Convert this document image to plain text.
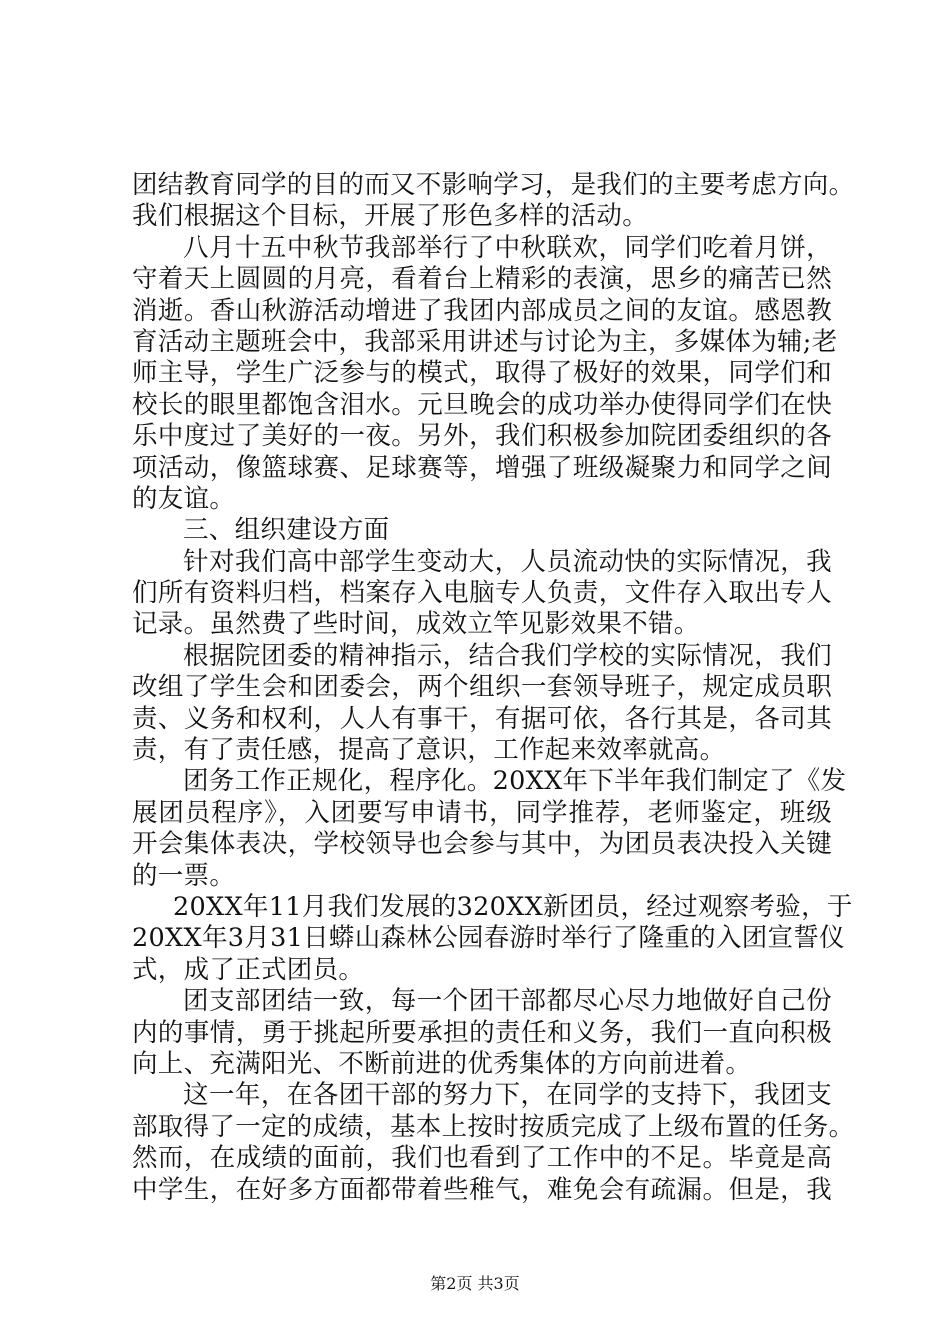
团结教育同学的目的而又不影响学习，是我们的主要考虑方向。
我们根据这个目标，开展了形色多样的活动。
八月十五中秋节我部举行了中秋联欢，同学们吃着月饼，
守着天上圆圆的月亮，看着台上精彩的表演，思乡的痛苦已然
消逝。香山秋游活动增进了我团内部成员之间的友谊。感恩教
育活动主题班会中，我部采用讲述与讨论为主，多媒体为辅;老
师主导，学生广泛参与的模式，取得了极好的效果，同学们和
校长的眼里都饱含泪水。元旦晚会的成功举办使得同学们在快
乐中度过了美好的一夜。另外，我们积极参加院团委组织的各
项活动，像篮球赛、足球赛等，增强了班级凝聚力和同学之间
的友谊。
三、组织建设方面
针对我们高中部学生变动大，人员流动快的实际情况，我
们所有资料归档，档案存入电脑专人负责，文件存入取出专人
记录。虽然费了些时间，成效立竿见影效果不错。
根据院团委的精神指示，结合我们学校的实际情况，我们
改组了学生会和团委会，两个组织一套领导班子，规定成员职
责、义务和权利，人人有事干，有据可依，各行其是，各司其
责，有了责任感，提高了意识，工作起来效率就高。
团务工作正规化，程序化。20XX年下半年我们制定了《发
展团员程序》，入团要写申请书，同学推荐，老师鉴定，班级
开会集体表决，学校领导也会参与其中，为团员表决投入关键
的一票。
20XX年11月我们发展的320XX新团员，经过观察考验，于
20XX年3月31日蟒山森林公园春游时举行了隆重的入团宣誓仪
式，成了正式团员。
团支部团结一致，每一个团干部都尽心尽力地做好自己份
内的事情，勇于挑起所要承担的责任和义务，我们一直向积极
向上、充满阳光、不断前进的优秀集体的方向前进着。
这一年，在各团干部的努力下，在同学的支持下，我团支
部取得了一定的成绩，基本上按时按质完成了上级布置的任务。
然而，在成绩的面前，我们也看到了工作中的不足。毕竟是高
中学生，在好多方面都带着些稚气，难免会有疏漏。但是，我
第2页 共3页
